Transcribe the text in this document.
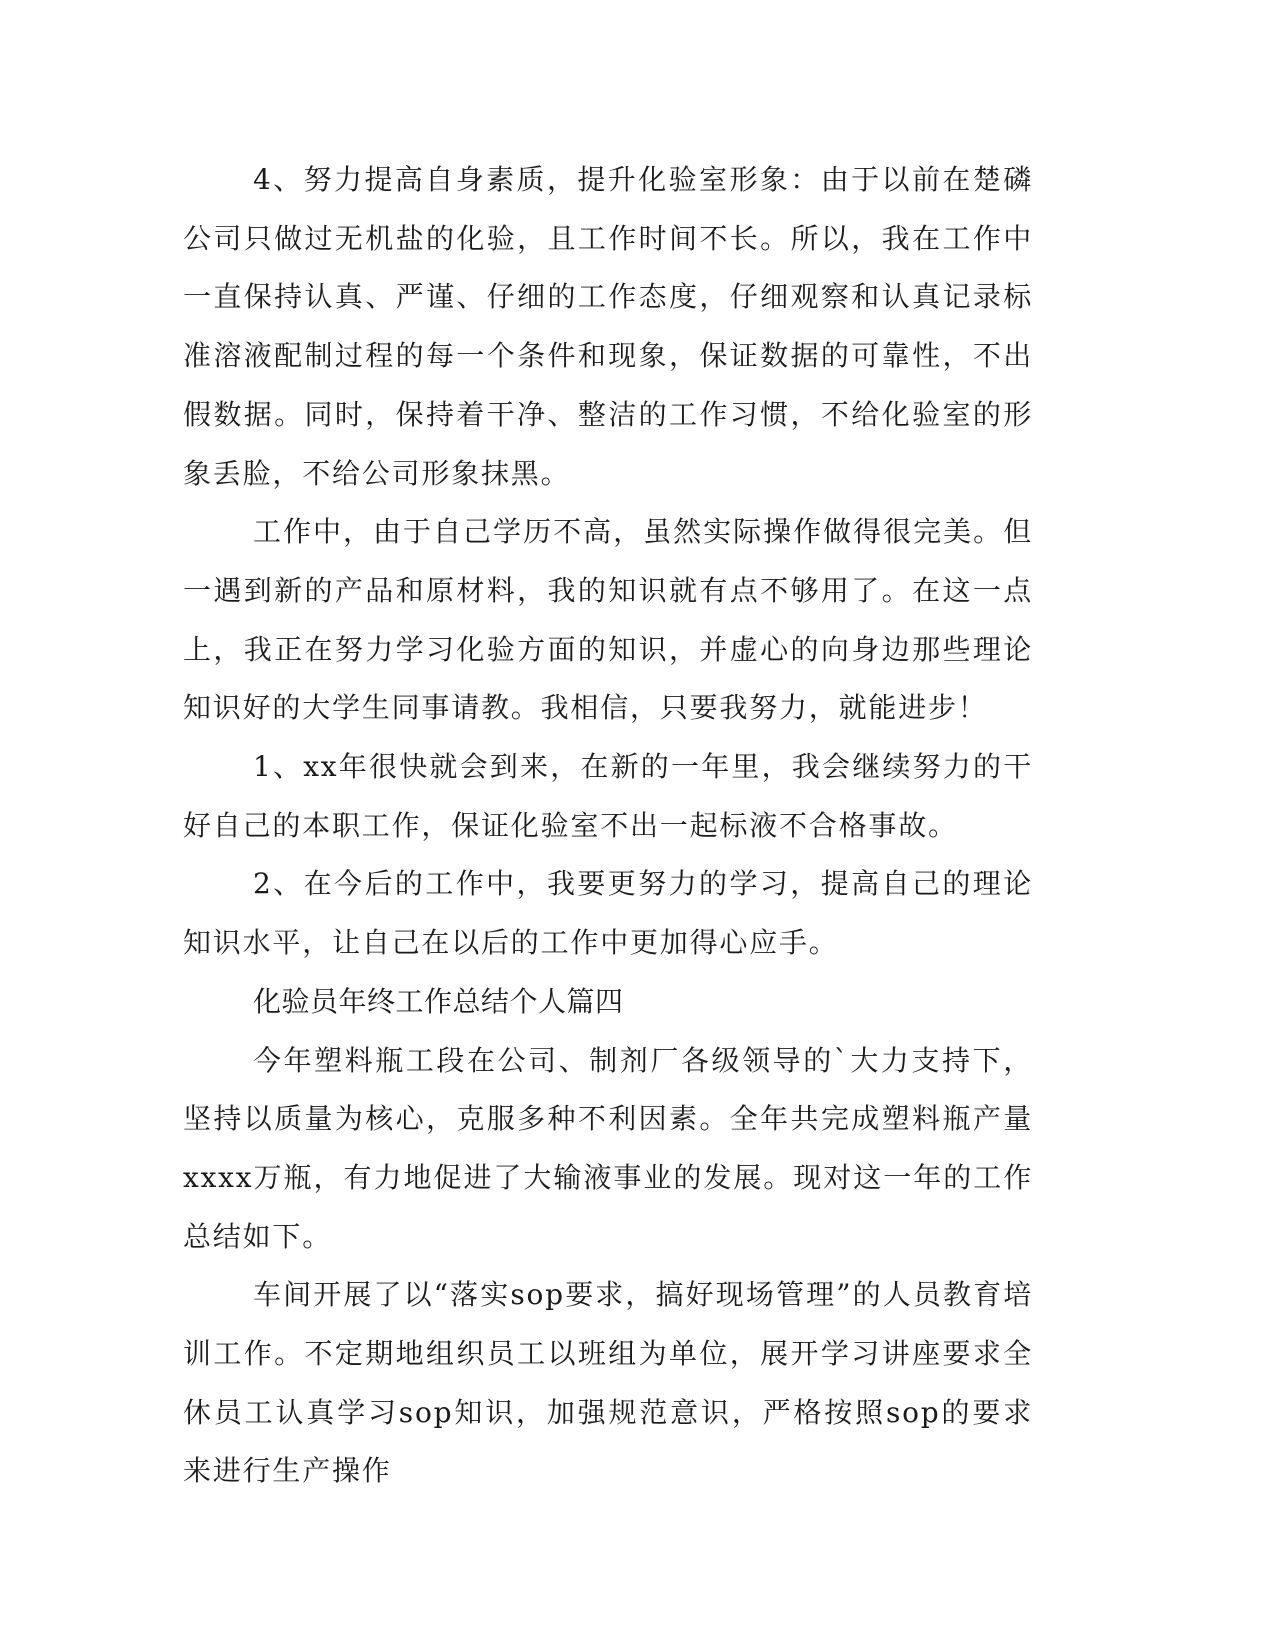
4、努力提高自身素质，提升化验室形象：由于以前在楚磷公司只做过无机盐的化验，且工作时间不长。所以，我在工作中一直保持认真、严谨、仔细的工作态度，仔细观察和认真记录标准溶液配制过程的每一个条件和现象，保证数据的可靠性，不出假数据。同时，保持着干净、整洁的工作习惯，不给化验室的形象丢脸，不给公司形象抹黑。

工作中，由于自己学历不高，虽然实际操作做得很完美。但一遇到新的产品和原材料，我的知识就有点不够用了。在这一点上，我正在努力学习化验方面的知识，并虚心的向身边那些理论知识好的大学生同事请教。我相信，只要我努力，就能进步！

1、xx年很快就会到来，在新的一年里，我会继续努力的干好自己的本职工作，保证化验室不出一起标液不合格事故。

2、在今后的工作中，我要更努力的学习，提高自己的理论知识水平，让自己在以后的工作中更加得心应手。

化验员年终工作总结个人篇四

今年塑料瓶工段在公司、制剂厂各级领导的`大力支持下，坚持以质量为核心，克服多种不利因素。全年共完成塑料瓶产量xxxx万瓶，有力地促进了大输液事业的发展。现对这一年的工作总结如下。

车间开展了以“落实sop要求，搞好现场管理”的人员教育培训工作。不定期地组织员工以班组为单位，展开学习讲座要求全休员工认真学习sop知识，加强规范意识，严格按照sop的要求来进行生产操作
